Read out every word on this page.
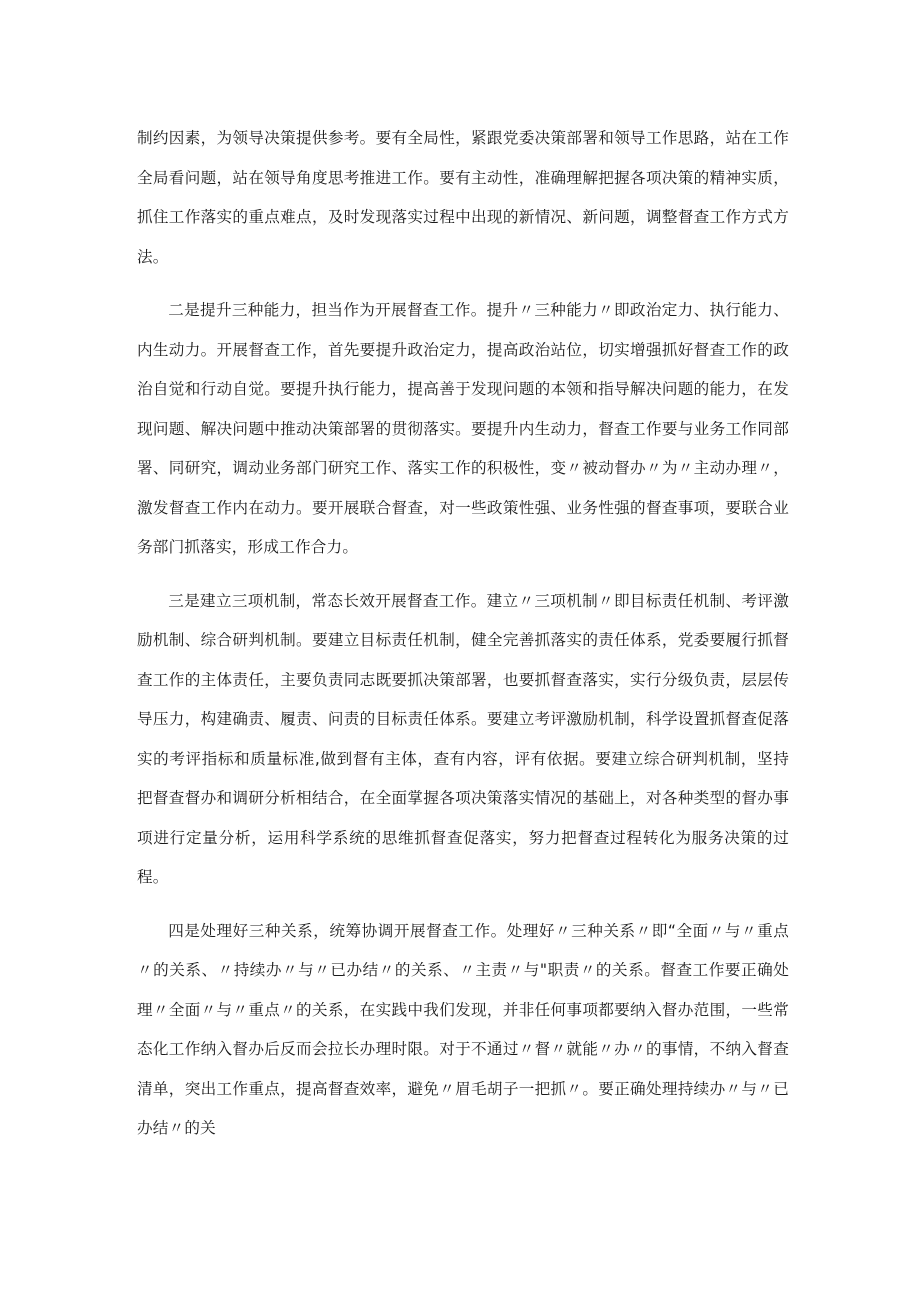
制约因素，为领导决策提供参考。要有全局性，紧跟党委决策部署和领导工作思路，站在工作全局看问题，站在领导角度思考推进工作。要有主动性，准确理解把握各项决策的精神实质，抓住工作落实的重点难点，及时发现落实过程中出现的新情况、新问题，调整督查工作方式方法。

二是提升三种能力，担当作为开展督查工作。提升〃三种能力〃即政治定力、执行能力、内生动力。开展督查工作，首先要提升政治定力，提高政治站位，切实增强抓好督查工作的政治自觉和行动自觉。要提升执行能力，提高善于发现问题的本领和指导解决问题的能力，在发现问题、解决问题中推动决策部署的贯彻落实。要提升内生动力，督查工作要与业务工作同部署、同研究，调动业务部门研究工作、落实工作的积极性，变〃被动督办〃为〃主动办理〃，激发督查工作内在动力。要开展联合督查，对一些政策性强、业务性强的督查事项，要联合业务部门抓落实，形成工作合力。

三是建立三项机制，常态长效开展督查工作。建立〃三项机制〃即目标责任机制、考评激励机制、综合研判机制。要建立目标责任机制，健全完善抓落实的责任体系，党委要履行抓督查工作的主体责任，主要负责同志既要抓决策部署，也要抓督查落实，实行分级负责，层层传导压力，构建确责、履责、问责的目标责任体系。要建立考评激励机制，科学设置抓督查促落实的考评指标和质量标准,做到督有主体，查有内容，评有依据。要建立综合研判机制，坚持把督查督办和调研分析相结合，在全面掌握各项决策落实情况的基础上，对各种类型的督办事项进行定量分析，运用科学系统的思维抓督查促落实，努力把督查过程转化为服务决策的过程。

四是处理好三种关系，统筹协调开展督查工作。处理好〃三种关系〃即“全面〃与〃重点〃的关系、〃持续办〃与〃已办结〃的关系、〃主责〃与"职责〃的关系。督查工作要正确处理〃全面〃与〃重点〃的关系，在实践中我们发现，并非任何事项都要纳入督办范围，一些常态化工作纳入督办后反而会拉长办理时限。对于不通过〃督〃就能〃办〃的事情，不纳入督查清单，突出工作重点，提高督查效率，避免〃眉毛胡子一把抓〃。要正确处理持续办〃与〃已办结〃的关
